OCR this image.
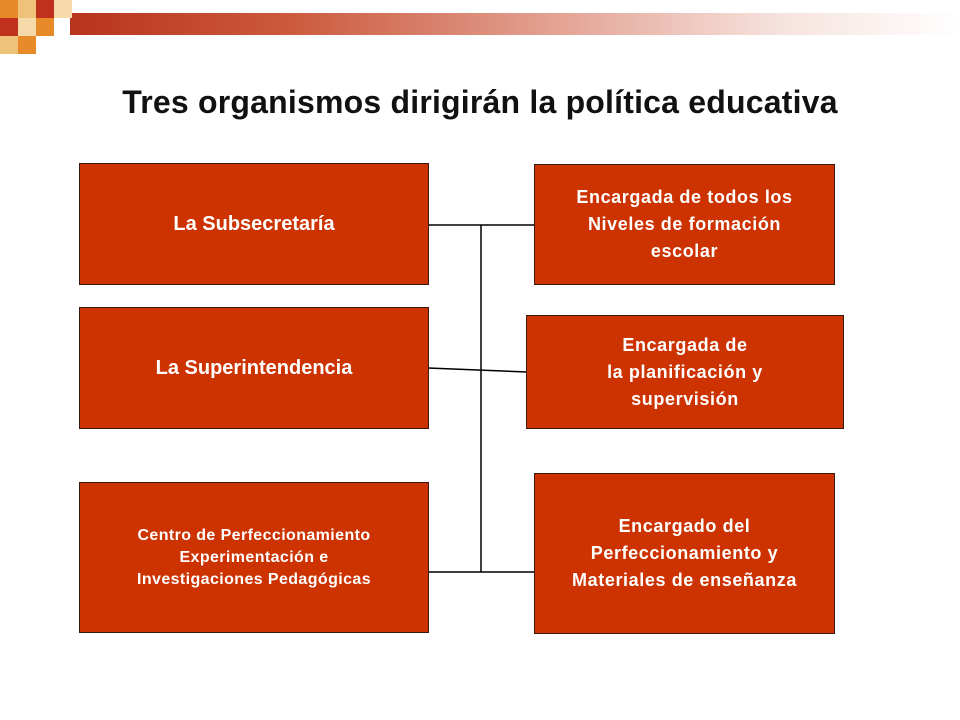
Tres organismos dirigirán la política educativa
La Subsecretaría
La Superintendencia
Centro de Perfeccionamiento
Experimentación e
Investigaciones Pedagógicas
Encargada de todos los
Niveles de formación
escolar
Encargada de
la planificación y
supervisión
Encargado del
Perfeccionamiento y
Materiales de enseñanza
